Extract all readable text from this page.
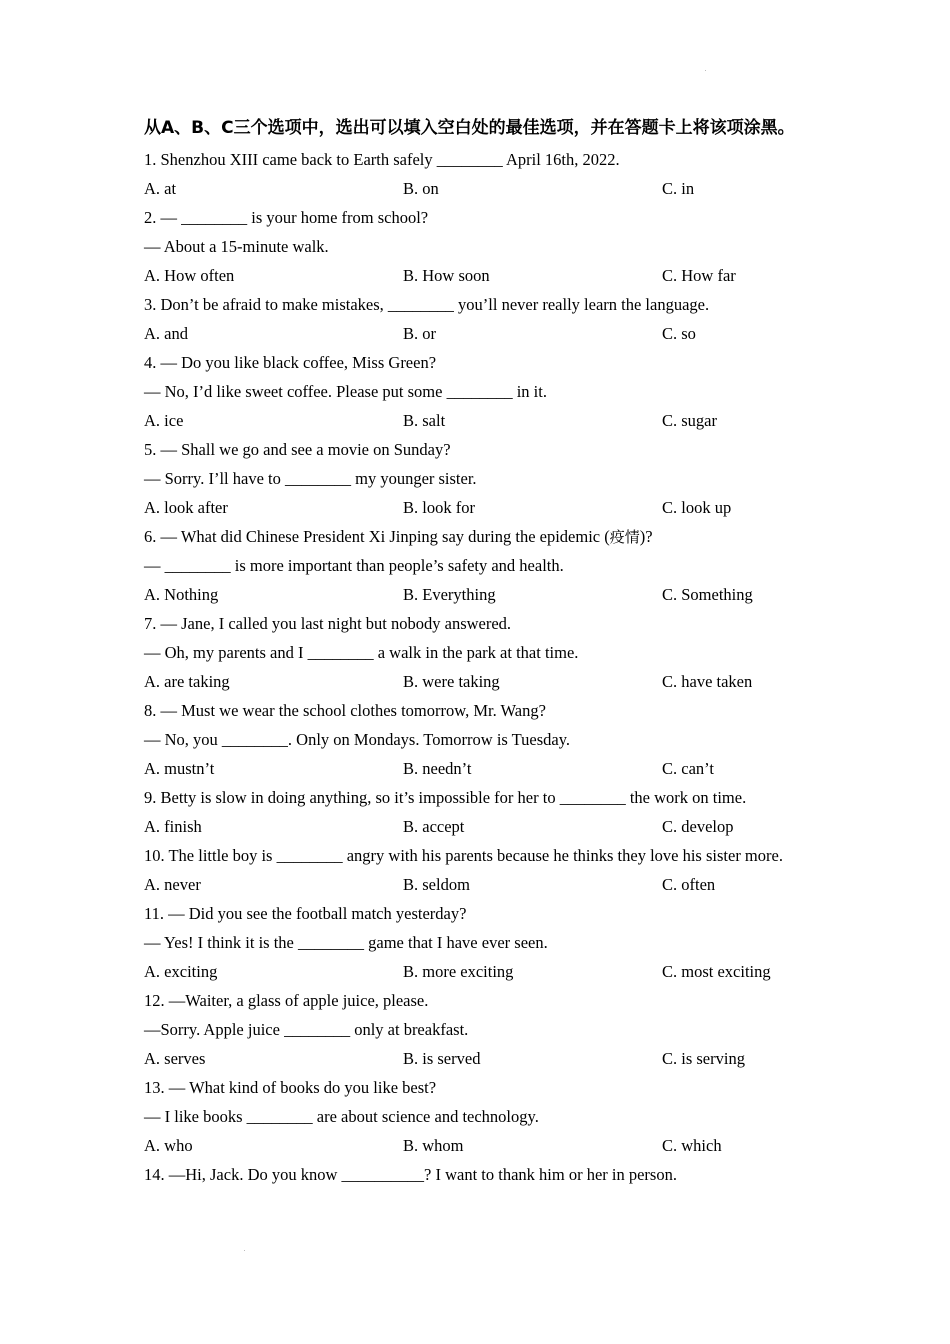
从A、B、C三个选项中，选出可以填入空白处的最佳选项，并在答题卡上将该项涂黑。
1. Shenzhou XIII came back to Earth safely ________ April 16th, 2022.
A. at	B. on	C. in
2. — ________ is your home from school?
— About a 15-minute walk.
A. How often	B. How soon	C. How far
3. Don’t be afraid to make mistakes, ________ you’ll never really learn the language.
A. and	B. or	C. so
4. — Do you like black coffee, Miss Green?
— No, I’d like sweet coffee. Please put some ________ in it.
A. ice	B. salt	C. sugar
5. — Shall we go and see a movie on Sunday?
— Sorry. I’ll have to ________ my younger sister.
A. look after	B. look for	C. look up
6. — What did Chinese President Xi Jinping say during the epidemic (疫情)?
— ________ is more important than people’s safety and health.
A. Nothing	B. Everything	C. Something
7. — Jane, I called you last night but nobody answered.
— Oh, my parents and I ________ a walk in the park at that time.
A. are taking	B. were taking	C. have taken
8. — Must we wear the school clothes tomorrow, Mr. Wang?
— No, you ________. Only on Mondays. Tomorrow is Tuesday.
A. mustn’t	B. needn’t	C. can’t
9. Betty is slow in doing anything, so it’s impossible for her to ________ the work on time.
A. finish	B. accept	C. develop
10. The little boy is ________ angry with his parents because he thinks they love his sister more.
A. never	B. seldom	C. often
11. — Did you see the football match yesterday?
— Yes! I think it is the ________ game that I have ever seen.
A. exciting	B. more exciting	C. most exciting
12. —Waiter, a glass of apple juice, please.
—Sorry. Apple juice ________ only at breakfast.
A. serves	B. is served	C. is serving
13. — What kind of books do you like best?
— I like books ________ are about science and technology.
A. who	B. whom	C. which
14. —Hi, Jack. Do you know __________? I want to thank him or her in person.
